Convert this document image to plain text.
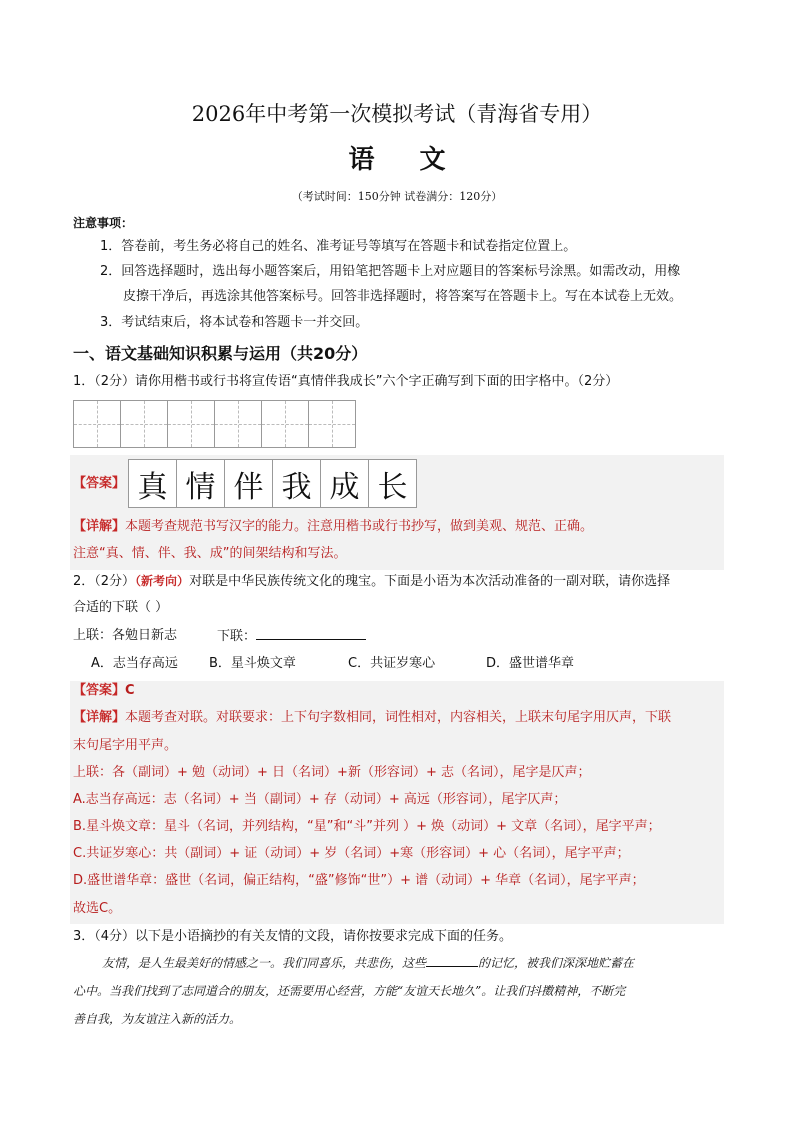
2026年中考第一次模拟考试（青海省专用）
语 文
（考试时间：150分钟 试卷满分：120分）
注意事项：
1．答卷前，考生务必将自己的姓名、准考证号等填写在答题卡和试卷指定位置上。
2．回答选择题时，选出每小题答案后，用铅笔把答题卡上对应题目的答案标号涂黑。如需改动，用橡
皮擦干净后，再选涂其他答案标号。回答非选择题时，将答案写在答题卡上。写在本试卷上无效。
3．考试结束后，将本试卷和答题卡一并交回。
一、语文基础知识积累与运用（共20分）
1．（2分）请你用楷书或行书将宣传语“真情伴我成长”六个字正确写到下面的田字格中。（2分）
【答案】 真 情 伴 我 成 长
【详解】本题考查规范书写汉字的能力。注意用楷书或行书抄写，做到美观、规范、正确。
注意“真、情、伴、我、成”的间架结构和写法。
2．（2分）（新考向）对联是中华民族传统文化的瑰宝。下面是小语为本次活动准备的一副对联，请你选择
合适的下联（ ）
上联：各勉日新志	下联：
A．志当存高远 B．星斗焕文章	C．共证岁寒心	D．盛世谱华章
【答案】C
【详解】本题考查对联。对联要求：上下句字数相同，词性相对，内容相关，上联末句尾字用仄声，下联
末句尾字用平声。
上联：各（副词）+ 勉（动词）+ 日（名词）+新（形容词）+ 志（名词），尾字是仄声；
A.志当存高远：志（名词）+ 当（副词）+ 存（动词）+ 高远（形容词），尾字仄声；
B.星斗焕文章：星斗（名词，并列结构，“星”和“斗”并列 ）+ 焕（动词）+ 文章（名词），尾字平声；
C.共证岁寒心：共（副词）+ 证（动词）+ 岁（名词）+寒（形容词）+ 心（名词），尾字平声；
D.盛世谱华章：盛世（名词，偏正结构，“盛”修饰“世”）+ 谱（动词）+ 华章（名词），尾字平声；
故选C。
3．（4分）以下是小语摘抄的有关友情的文段，请你按要求完成下面的任务。
友情，是人生最美好的情感之一。我们同喜乐，共悲伤，这些	的记忆，被我们深深地贮蓄在
心中。当我们找到了志同道合的朋友，还需要用心经营，方能“友谊天长地久”。让我们抖擞精神，不断完
善自我，为友谊注入新的活力。
